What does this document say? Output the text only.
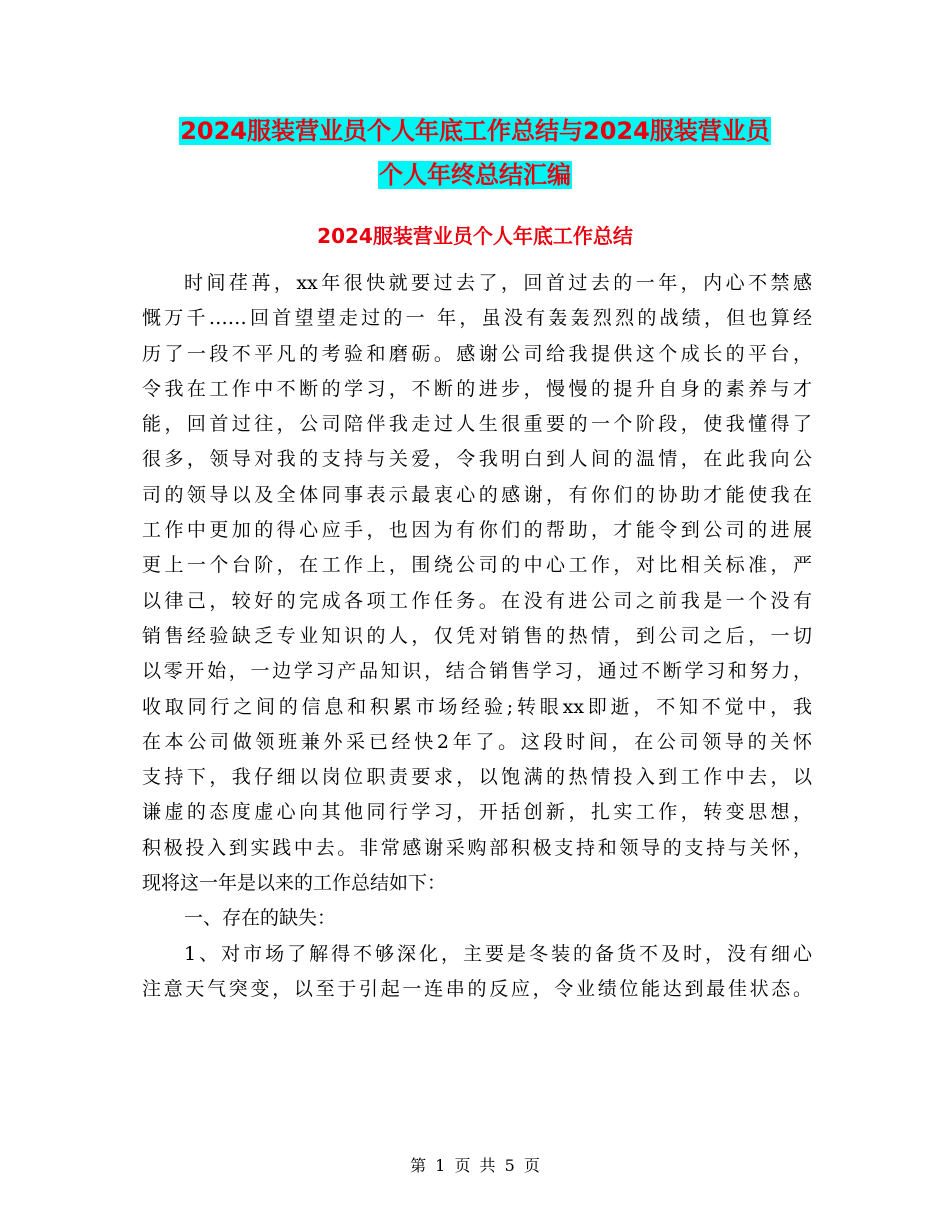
2024服装营业员个人年底工作总结与2024服装营业员
个人年终总结汇编
2024服装营业员个人年底工作总结
时间荏苒，xx年很快就要过去了，回首过去的一年，内心不禁感
慨万千……回首望望走过的一 年，虽没有轰轰烈烈的战绩，但也算经
历了一段不平凡的考验和磨砺。感谢公司给我提供这个成长的平台，
令我在工作中不断的学习，不断的进步，慢慢的提升自身的素养与才
能，回首过往，公司陪伴我走过人生很重要的一个阶段，使我懂得了
很多，领导对我的支持与关爱，令我明白到人间的温情，在此我向公
司的领导以及全体同事表示最衷心的感谢，有你们的协助才能使我在
工作中更加的得心应手，也因为有你们的帮助，才能令到公司的进展
更上一个台阶，在工作上，围绕公司的中心工作，对比相关标准，严
以律己，较好的完成各项工作任务。在没有进公司之前我是一个没有
销售经验缺乏专业知识的人，仅凭对销售的热情，到公司之后，一切
以零开始，一边学习产品知识，结合销售学习，通过不断学习和努力，
收取同行之间的信息和积累市场经验;转眼xx即逝，不知不觉中，我
在本公司做领班兼外采已经快2年了。这段时间，在公司领导的关怀
支持下，我仔细以岗位职责要求，以饱满的热情投入到工作中去，以
谦虚的态度虚心向其他同行学习，开括创新，扎实工作，转变思想，
积极投入到实践中去。非常感谢采购部积极支持和领导的支持与关怀，
现将这一年是以来的工作总结如下：
一、存在的缺失：
1、对市场了解得不够深化，主要是冬装的备货不及时，没有细心
注意天气突变，以至于引起一连串的反应，令业绩位能达到最佳状态。
第 1 页 共 5 页
